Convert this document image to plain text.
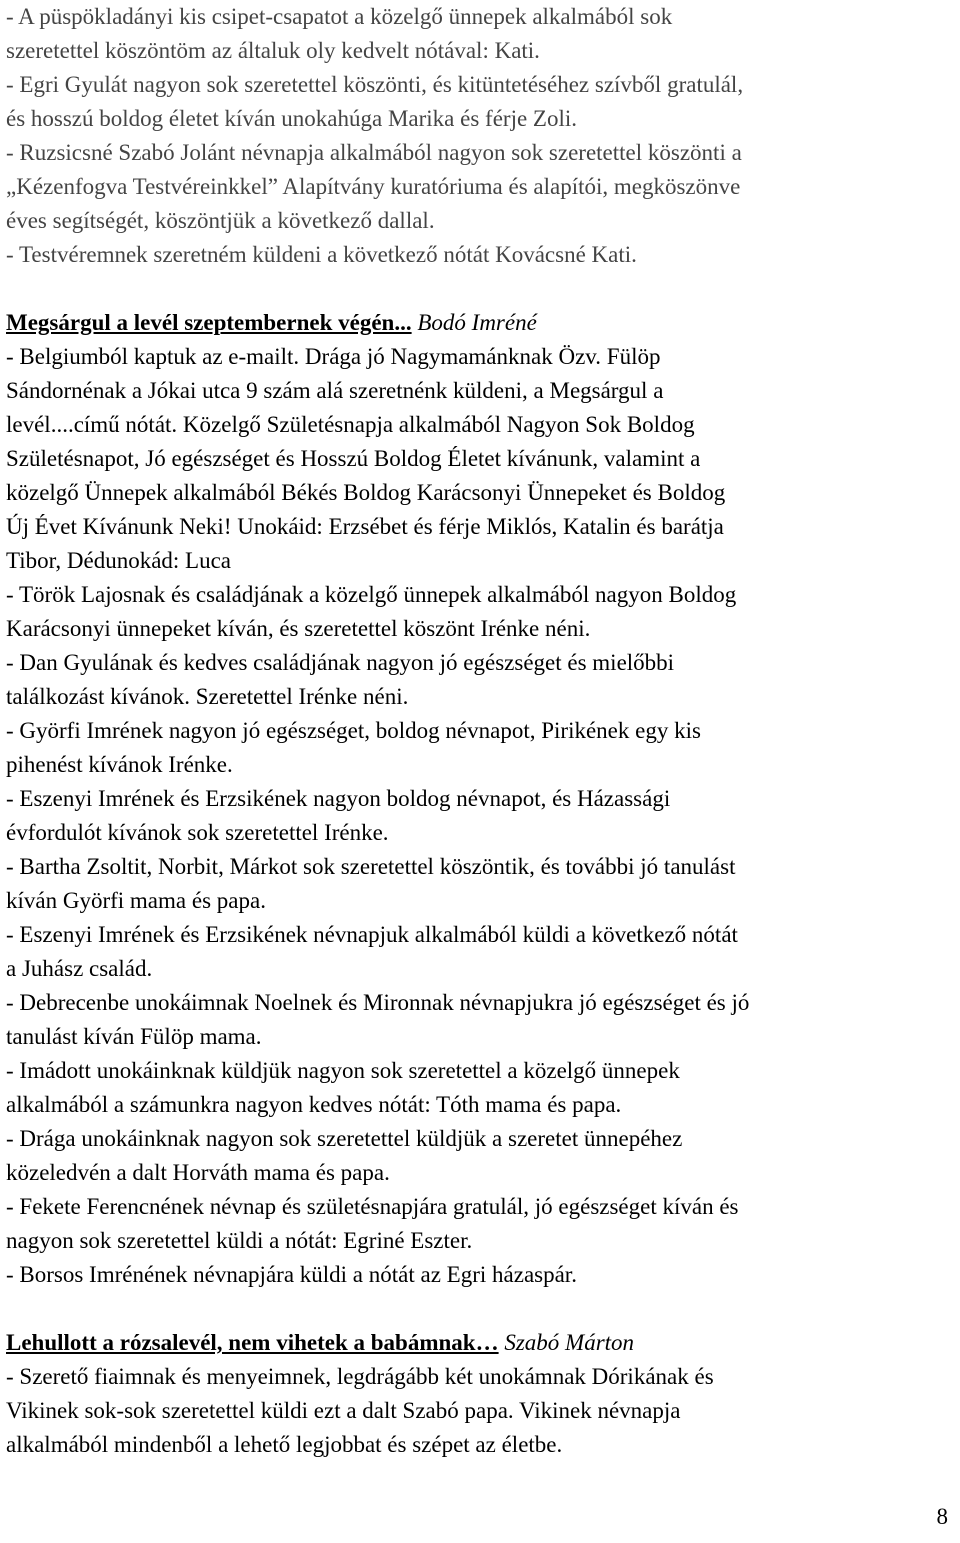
- A püspökladányi kis csipet-csapatot a közelgő ünnepek alkalmából sok

szeretettel köszöntöm az általuk oly kedvelt nótával: Kati.

- Egri Gyulát nagyon sok szeretettel köszönti, és kitüntetéséhez szívből gratulál,

és hosszú boldog életet kíván unokahúga Marika és férje Zoli.

- Ruzsicsné Szabó Jolánt névnapja alkalmából nagyon sok szeretettel köszönti a

„Kézenfogva Testvéreinkkel” Alapítvány kuratóriuma és alapítói, megköszönve

éves segítségét, köszöntjük a következő dallal.

- Testvéremnek szeretném küldeni a következő nótát Kovácsné Kati.

Megsárgul a levél szeptembernek végén... Bodó Imréné

- Belgiumból kaptuk az e-mailt. Drága jó Nagymamánknak Özv. Fülöp

Sándornénak a Jókai utca 9 szám alá szeretnénk küldeni, a Megsárgul a

levél....című nótát. Közelgő Születésnapja alkalmából Nagyon Sok Boldog

Születésnapot, Jó egészséget és Hosszú Boldog Életet kívánunk, valamint a

közelgő Ünnepek alkalmából Békés Boldog Karácsonyi Ünnepeket és Boldog

Új Évet Kívánunk Neki! Unokáid: Erzsébet és férje Miklós, Katalin és barátja

Tibor, Dédunokád: Luca

- Török Lajosnak és családjának a közelgő ünnepek alkalmából nagyon Boldog

Karácsonyi ünnepeket kíván, és szeretettel köszönt Irénke néni.

- Dan Gyulának és kedves családjának nagyon jó egészséget és mielőbbi

találkozást kívánok. Szeretettel Irénke néni.

- Györfi Imrének nagyon jó egészséget, boldog névnapot, Pirikének egy kis

pihenést kívánok Irénke.

- Eszenyi Imrének és Erzsikének nagyon boldog névnapot, és Házassági

évfordulót kívánok sok szeretettel Irénke.

- Bartha Zsoltit, Norbit, Márkot sok szeretettel köszöntik, és további jó tanulást

kíván Györfi mama és papa.

- Eszenyi Imrének és Erzsikének névnapjuk alkalmából küldi a következő nótát

a Juhász család.

- Debrecenbe unokáimnak Noelnek és Mironnak névnapjukra jó egészséget és jó

tanulást kíván Fülöp mama.

- Imádott unokáinknak küldjük nagyon sok szeretettel a közelgő ünnepek

alkalmából a számunkra nagyon kedves nótát: Tóth mama és papa.

- Drága unokáinknak nagyon sok szeretettel küldjük a szeretet ünnepéhez

közeledvén a dalt Horváth mama és papa.

- Fekete Ferencnének névnap és születésnapjára gratulál, jó egészséget kíván és

nagyon sok szeretettel küldi a nótát: Egriné Eszter.

- Borsos Imrénének névnapjára küldi a nótát az Egri házaspár.

Lehullott a rózsalevél, nem vihetek a babámnak… Szabó Márton

- Szerető fiaimnak és menyeimnek, legdrágább két unokámnak Dórikának és

Vikinek sok-sok szeretettel küldi ezt a dalt Szabó papa. Vikinek névnapja

alkalmából mindenből a lehető legjobbat és szépet az életbe.

8
